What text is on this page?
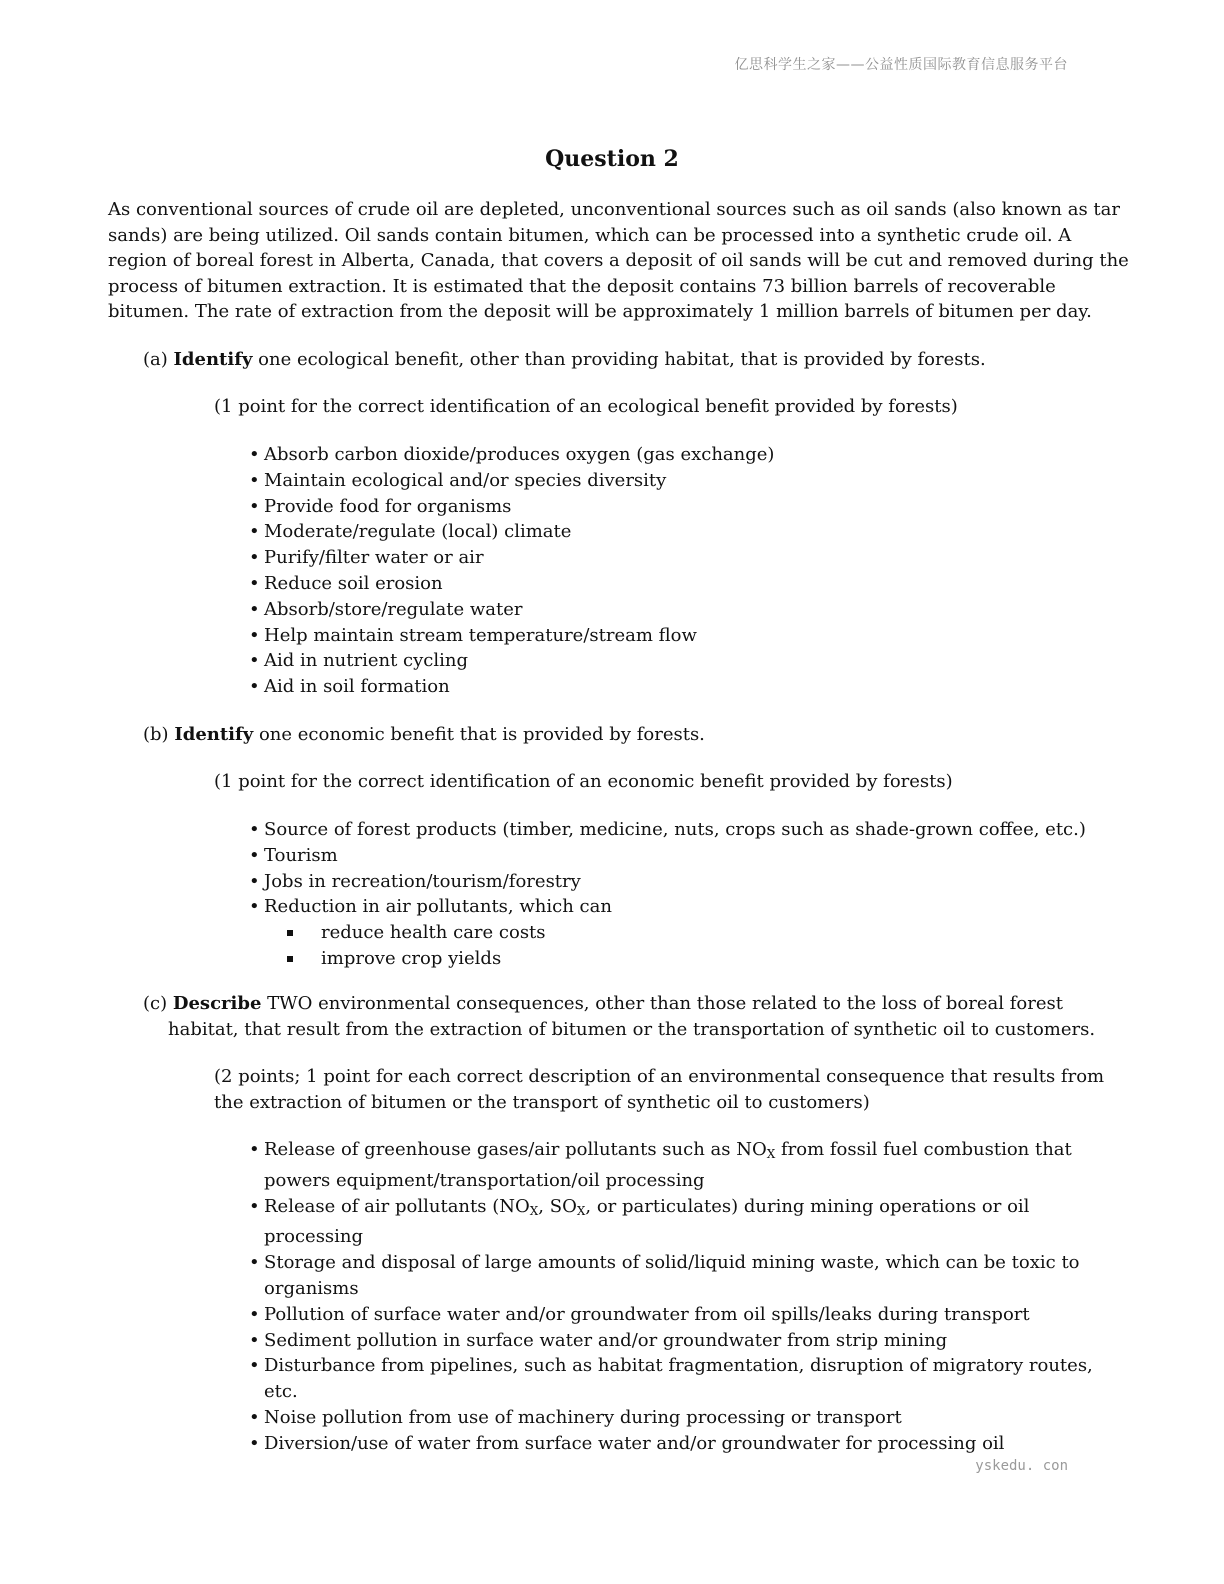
亿思科学生之家——公益性质国际教育信息服务平台
Question 2
As conventional sources of crude oil are depleted, unconventional sources such as oil sands (also known as tar
sands) are being utilized. Oil sands contain bitumen, which can be processed into a synthetic crude oil. A
region of boreal forest in Alberta, Canada, that covers a deposit of oil sands will be cut and removed during the
process of bitumen extraction. It is estimated that the deposit contains 73 billion barrels of recoverable
bitumen. The rate of extraction from the deposit will be approximately 1 million barrels of bitumen per day.
(a) Identify one ecological benefit, other than providing habitat, that is provided by forests.
(1 point for the correct identification of an ecological benefit provided by forests)
• Absorb carbon dioxide/produces oxygen (gas exchange)
• Maintain ecological and/or species diversity
• Provide food for organisms
• Moderate/regulate (local) climate
• Purify/filter water or air
• Reduce soil erosion
• Absorb/store/regulate water
• Help maintain stream temperature/stream flow
• Aid in nutrient cycling
• Aid in soil formation
(b) Identify one economic benefit that is provided by forests.
(1 point for the correct identification of an economic benefit provided by forests)
• Source of forest products (timber, medicine, nuts, crops such as shade-grown coffee, etc.)
• Tourism
• Jobs in recreation/tourism/forestry
• Reduction in air pollutants, which can
reduce health care costs
improve crop yields
(c) Describe TWO environmental consequences, other than those related to the loss of boreal forest
habitat, that result from the extraction of bitumen or the transportation of synthetic oil to customers.
(2 points; 1 point for each correct description of an environmental consequence that results from
the extraction of bitumen or the transport of synthetic oil to customers)
• Release of greenhouse gases/air pollutants such as $NO_X$ from fossil fuel combustion that
powers equipment/transportation/oil processing
• Release of air pollutants ($NO_X$, $SO_X$, or particulates) during mining operations or oil
processing
• Storage and disposal of large amounts of solid/liquid mining waste, which can be toxic to
organisms
• Pollution of surface water and/or groundwater from oil spills/leaks during transport
• Sediment pollution in surface water and/or groundwater from strip mining
• Disturbance from pipelines, such as habitat fragmentation, disruption of migratory routes,
etc.
• Noise pollution from use of machinery during processing or transport
• Diversion/use of water from surface water and/or groundwater for processing oil
yskedu. con
